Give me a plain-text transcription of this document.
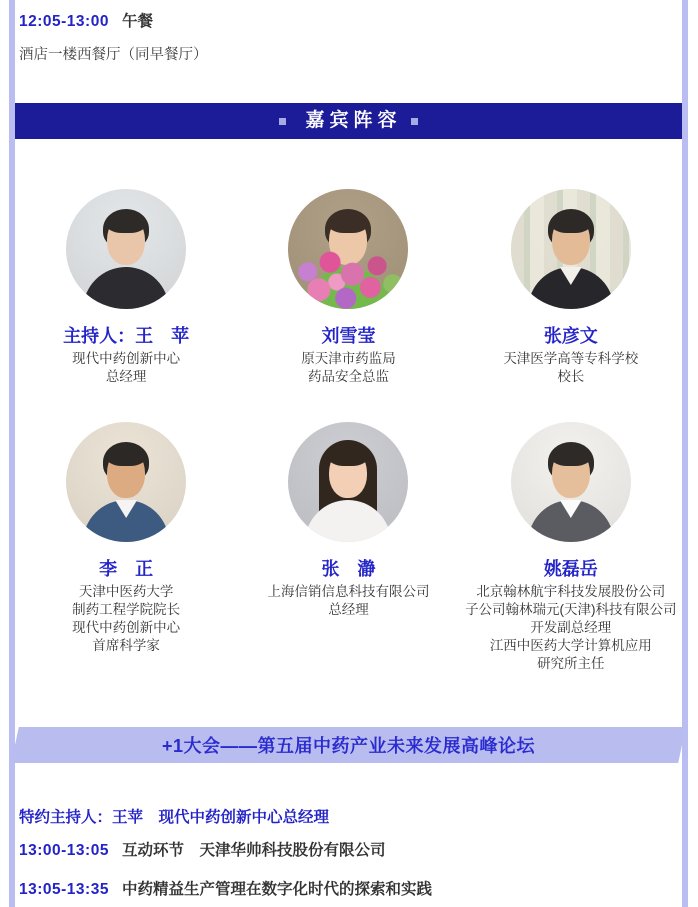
12:05-13:00 午餐
酒店一楼西餐厅（同早餐厅）
嘉宾阵容
主持人：王　苹
现代中药创新中心
总经理
刘雪莹
原天津市药监局
药品安全总监
张彦文
天津医学高等专科学校
校长
李　正
天津中医药大学
制药工程学院院长
现代中药创新中心
首席科学家
张　瀞
上海信销信息科技有限公司
总经理
姚磊岳
北京翰林航宇科技发展股份公司
子公司翰林瑞元(天津)科技有限公司
开发副总经理
江西中医药大学计算机应用
研究所主任
+1大会——第五届中药产业未来发展高峰论坛
特约主持人：王苹　现代中药创新中心总经理
13:00-13:05 互动环节　天津华帅科技股份有限公司
13:05-13:35 中药精益生产管理在数字化时代的探索和实践
